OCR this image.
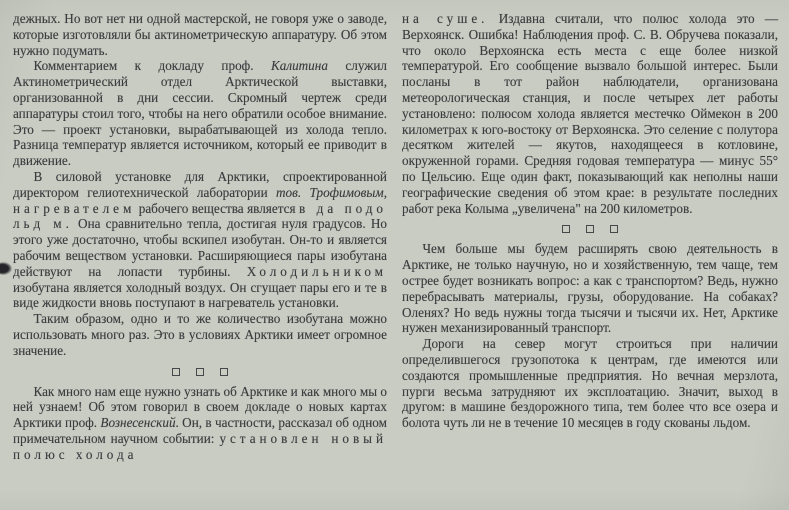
дежных. Но вот нет ни одной мастерской, не говоря уже о заводе, которые изготовляли бы актинометрическую аппаратуру. Об этом нужно подумать.

Комментарием к докладу проф. Калитина служил Актинометрический отдел Арктической выставки, организованной в дни сессии. Скромный чертеж среди аппаратуры стоил того, чтобы на него обратили особое внимание. Это — проект установки, вырабатывающей из холода тепло. Разница температур является источником, который ее приводит в движение.

В силовой установке для Арктики, спроектированной директором гелиотехнической лаборатории тов. Трофимовым, нагревателем рабочего вещества является в да подо льд м. Она сравнительно тепла, достигая нуля градусов. Но этого уже достаточно, чтобы вскипел изобутан. Он-то и является рабочим веществом установки. Расширяющиеся пары изобутана действуют на лопасти турбины. Холодильником изобутана является холодный воздух. Он сгущает пары его и те в виде жидкости вновь поступают в нагреватель установки.

Таким образом, одно и то же количество изобутана можно использовать много раз. Это в условиях Арктики имеет огромное значение.

Как много нам еще нужно узнать об Арктике и как много мы о ней узнаем! Об этом говорил в своем докладе о новых картах Арктики проф. Вознесенский. Он, в частности, рассказал об одном примечательном научном событии: установлен новый полюс холода

на суше. Издавна считали, что полюс холода это — Верхоянск. Ошибка! Наблюдения проф. С. В. Обручева показали, что около Верхоянска есть места с еще более низкой температурой. Его сообщение вызвало большой интерес. Были посланы в тот район наблюдатели, организована метеорологическая станция, и после четырех лет работы установлено: полюсом холода является местечко Оймекон в 200 километрах к юго-востоку от Верхоянска. Это селение с полутора десятком жителей — якутов, находящееся в котловине, окруженной горами. Средняя годовая температура — минус 55° по Цельсию. Еще один факт, показывающий как неполны наши географические сведения об этом крае: в результате последних работ река Колыма „увеличена" на 200 километров.

Чем больше мы будем расширять свою деятельность в Арктике, не только научную, но и хозяйственную, тем чаще, тем острее будет возникать вопрос: а как с транспортом? Ведь, нужно перебрасывать материалы, грузы, оборудование. На собаках? Оленях? Но ведь нужны тогда тысячи и тысячи их. Нет, Арктике нужен механизированный транспорт.

Дороги на север могут строиться при наличии определившегося грузопотока к центрам, где имеются или создаются промышленные предприятия. Но вечная мерзлота, пурги весьма затрудняют их эксплоатацию. Значит, выход в другом: в машине бездорожного типа, тем более что все озера и болота чуть ли не в течение 10 месяцев в году скованы льдом.
